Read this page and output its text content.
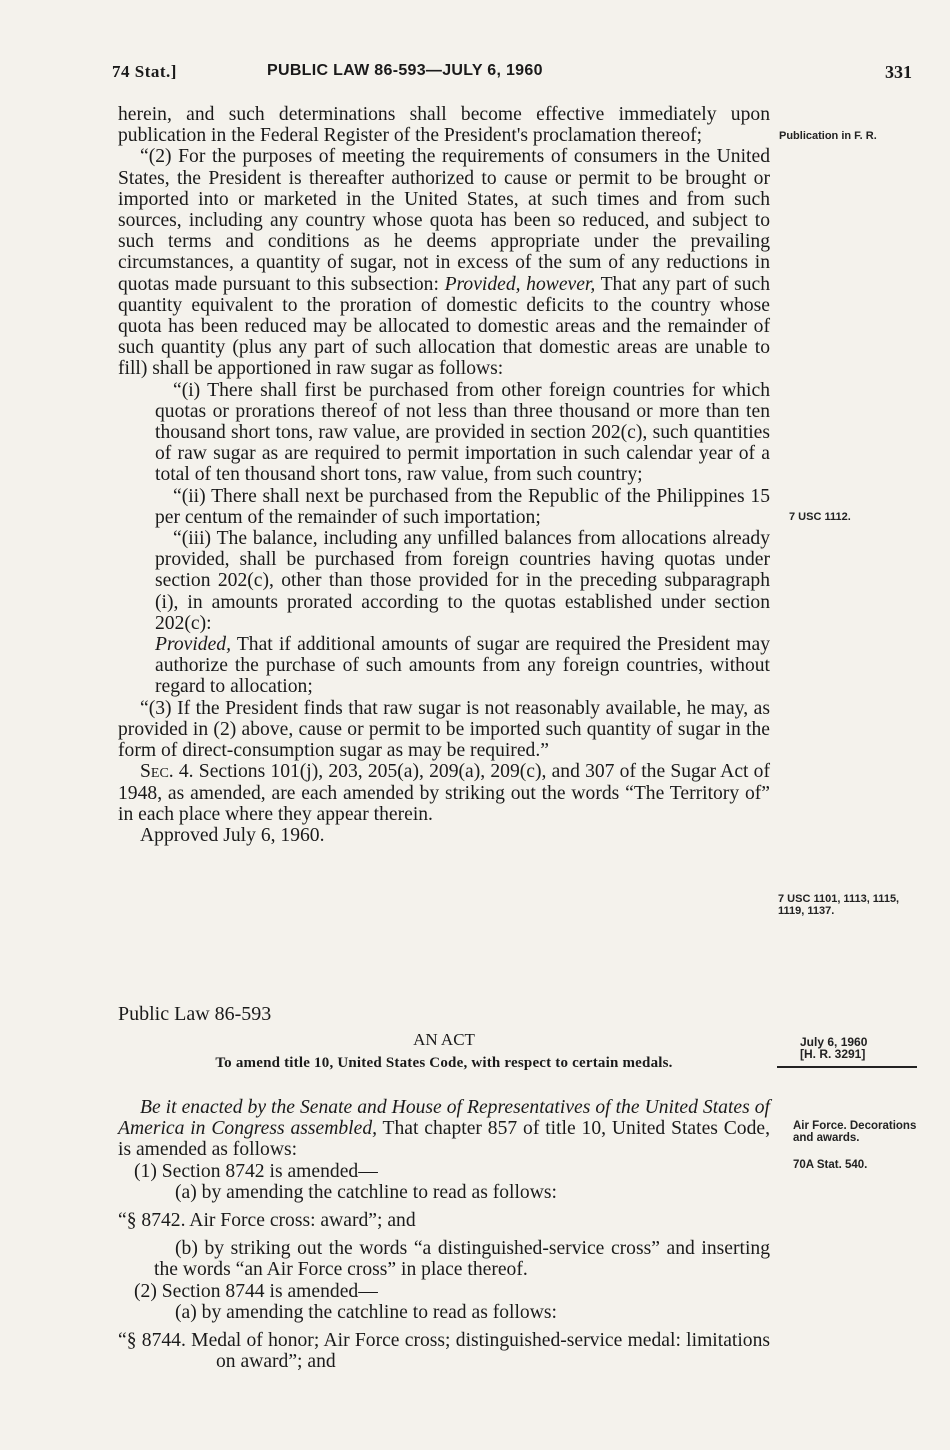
74 Stat.]	PUBLIC LAW 86-593—JULY 6, 1960	331

herein, and such determinations shall become effective immediately upon publication in the Federal Register of the President's proclamation thereof;

“(2) For the purposes of meeting the requirements of consumers in the United States, the President is thereafter authorized to cause or permit to be brought or imported into or marketed in the United States, at such times and from such sources, including any country whose quota has been so reduced, and subject to such terms and conditions as he deems appropriate under the prevailing circumstances, a quantity of sugar, not in excess of the sum of any reductions in quotas made pursuant to this subsection: Provided, however, That any part of such quantity equivalent to the proration of domestic deficits to the country whose quota has been reduced may be allocated to domestic areas and the remainder of such quantity (plus any part of such allocation that domestic areas are unable to fill) shall be apportioned in raw sugar as follows:

“(i) There shall first be purchased from other foreign countries for which quotas or prorations thereof of not less than three thousand or more than ten thousand short tons, raw value, are provided in section 202(c), such quantities of raw sugar as are required to permit importation in such calendar year of a total of ten thousand short tons, raw value, from such country;

“(ii) There shall next be purchased from the Republic of the Philippines 15 per centum of the remainder of such importation;

“(iii) The balance, including any unfilled balances from allocations already provided, shall be purchased from foreign countries having quotas under section 202(c), other than those provided for in the preceding subparagraph (i), in amounts prorated according to the quotas established under section 202(c):

Provided, That if additional amounts of sugar are required the President may authorize the purchase of such amounts from any foreign countries, without regard to allocation;

“(3) If the President finds that raw sugar is not reasonably available, he may, as provided in (2) above, cause or permit to be imported such quantity of sugar in the form of direct-consumption sugar as may be required.”

Sec. 4. Sections 101(j), 203, 205(a), 209(a), 209(c), and 307 of the Sugar Act of 1948, as amended, are each amended by striking out the words “The Territory of” in each place where they appear therein.

Approved July 6, 1960.

Publication in F. R.
7 USC 1112.
7 USC 1101, 1113, 1115, 1119, 1137.
Public Law 86-593
AN ACT
To amend title 10, United States Code, with respect to certain medals.
July 6, 1960
[H. R. 3291]

Be it enacted by the Senate and House of Representatives of the United States of America in Congress assembled, That chapter 857 of title 10, United States Code, is amended as follows:

(1) Section 8742 is amended—

(a) by amending the catchline to read as follows:

“§ 8742. Air Force cross: award”; and

(b) by striking out the words “a distinguished-service cross” and inserting the words “an Air Force cross” in place thereof.

(2) Section 8744 is amended—

(a) by amending the catchline to read as follows:

“§ 8744. Medal of honor; Air Force cross; distinguished-service medal: limitations on award”; and

Air Force. Decorations and awards.
70A Stat. 540.
